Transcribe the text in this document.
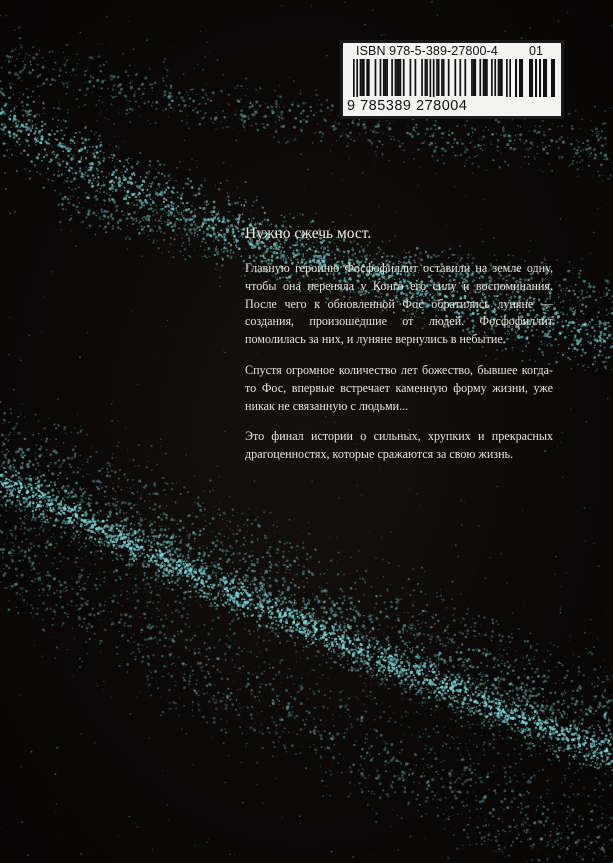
ISBN 978-5-389-27800-4 01
9 785389 278004
Нужно сжечь мост.

Главную героиню Фосфофиллит оставили на земле одну, чтобы она переняла у Конго его силу и воспоминания. После чего к обновленной Фос обратились луняне — создания, произошедшие от людей. Фосфофиллит помолилась за них, и луняне вернулись в небытие.

Спустя огромное количество лет божество, бывшее когда-то Фос, впервые встречает каменную форму жизни, уже никак не связанную с людьми...

Это финал истории о сильных, хрупких и прекрасных драгоценностях, которые сражаются за свою жизнь.
